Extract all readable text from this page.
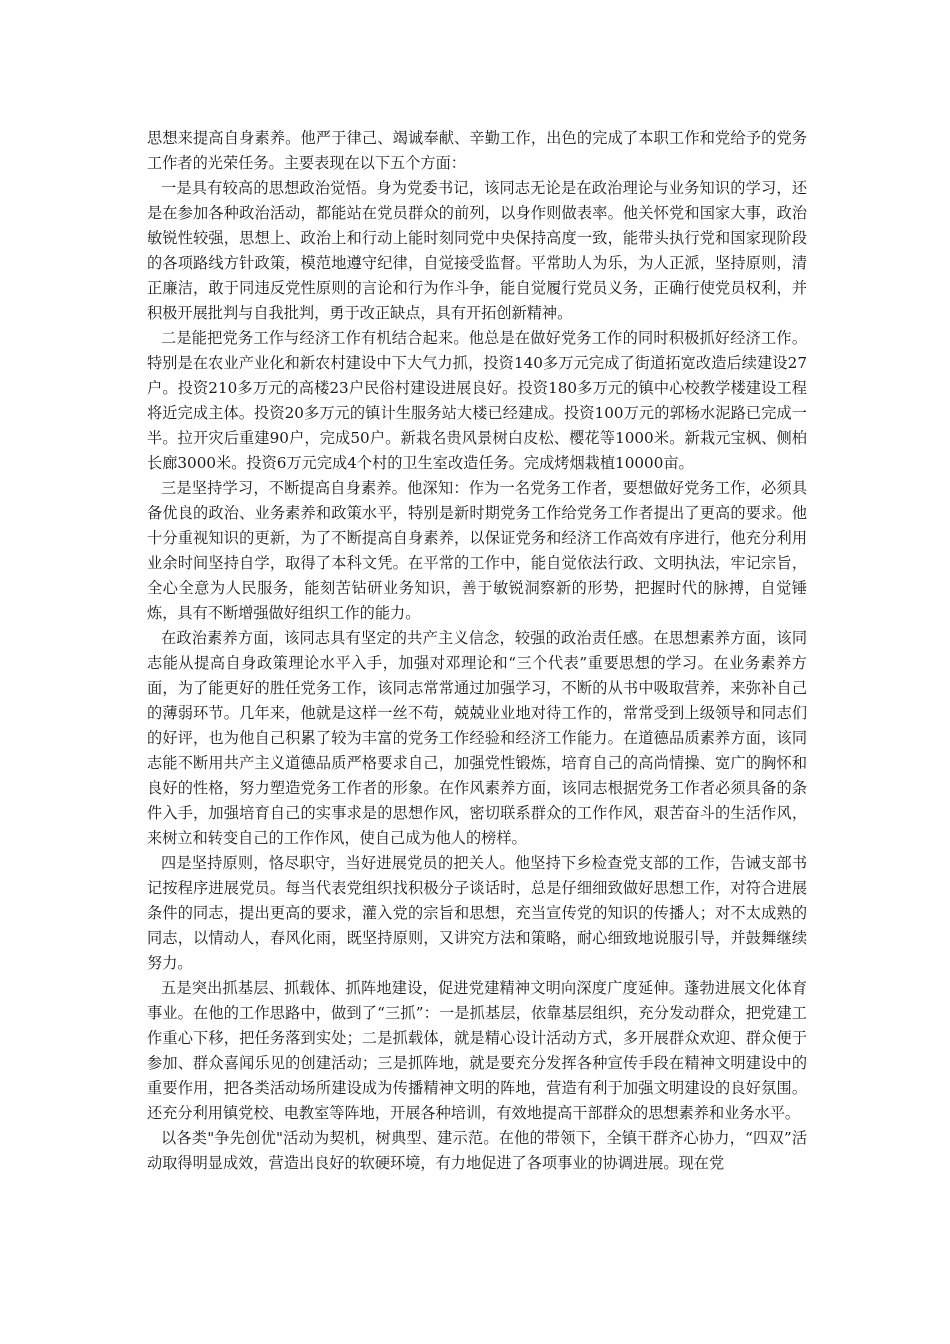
思想来提高自身素养。他严于律己、竭诚奉献、辛勤工作，出色的完成了本职工作和党给予的党务工作者的光荣任务。主要表现在以下五个方面：

一是具有较高的思想政治觉悟。身为党委书记，该同志无论是在政治理论与业务知识的学习，还是在参加各种政治活动，都能站在党员群众的前列，以身作则做表率。他关怀党和国家大事，政治敏锐性较强，思想上、政治上和行动上能时刻同党中央保持高度一致，能带头执行党和国家现阶段的各项路线方针政策，模范地遵守纪律，自觉接受监督。平常助人为乐，为人正派，坚持原则，清正廉洁，敢于同违反党性原则的言论和行为作斗争，能自觉履行党员义务，正确行使党员权利，并积极开展批判与自我批判，勇于改正缺点，具有开拓创新精神。

二是能把党务工作与经济工作有机结合起来。他总是在做好党务工作的同时积极抓好经济工作。特别是在农业产业化和新农村建设中下大气力抓，投资140多万元完成了街道拓宽改造后续建设27户。投资210多万元的高楼23户民俗村建设进展良好。投资180多万元的镇中心校教学楼建设工程将近完成主体。投资20多万元的镇计生服务站大楼已经建成。投资100万元的郭杨水泥路已完成一半。拉开灾后重建90户，完成50户。新栽名贵风景树白皮松、樱花等1000米。新栽元宝枫、侧柏长廊3000米。投资6万元完成4个村的卫生室改造任务。完成烤烟栽植10000亩。

三是坚持学习，不断提高自身素养。他深知：作为一名党务工作者，要想做好党务工作，必须具备优良的政治、业务素养和政策水平，特别是新时期党务工作给党务工作者提出了更高的要求。他十分重视知识的更新，为了不断提高自身素养，以保证党务和经济工作高效有序进行，他充分利用业余时间坚持自学，取得了本科文凭。在平常的工作中，能自觉依法行政、文明执法，牢记宗旨，全心全意为人民服务，能刻苦钻研业务知识，善于敏锐洞察新的形势，把握时代的脉搏，自觉锤炼，具有不断增强做好组织工作的能力。

在政治素养方面，该同志具有坚定的共产主义信念，较强的政治责任感。在思想素养方面，该同志能从提高自身政策理论水平入手，加强对邓理论和“三个代表”重要思想的学习。在业务素养方面，为了能更好的胜任党务工作，该同志常常通过加强学习，不断的从书中吸取营养，来弥补自己的薄弱环节。几年来，他就是这样一丝不苟，兢兢业业地对待工作的，常常受到上级领导和同志们的好评，也为他自己积累了较为丰富的党务工作经验和经济工作能力。在道德品质素养方面，该同志能不断用共产主义道德品质严格要求自己，加强党性锻炼，培育自己的高尚情操、宽广的胸怀和良好的性格，努力塑造党务工作者的形象。在作风素养方面，该同志根据党务工作者必须具备的条件入手，加强培育自己的实事求是的思想作风，密切联系群众的工作作风，艰苦奋斗的生活作风，来树立和转变自己的工作作风，使自己成为他人的榜样。

四是坚持原则，恪尽职守，当好进展党员的把关人。他坚持下乡检查党支部的工作，告诫支部书记按程序进展党员。每当代表党组织找积极分子谈话时，总是仔细细致做好思想工作，对符合进展条件的同志，提出更高的要求，灌入党的宗旨和思想，充当宣传党的知识的传播人；对不太成熟的同志，以情动人，春风化雨，既坚持原则，又讲究方法和策略，耐心细致地说服引导，并鼓舞继续努力。

五是突出抓基层、抓载体、抓阵地建设，促进党建精神文明向深度广度延伸。蓬勃进展文化体育事业。在他的工作思路中，做到了“三抓”：一是抓基层，依靠基层组织，充分发动群众，把党建工作重心下移，把任务落到实处；二是抓载体，就是精心设计活动方式，多开展群众欢迎、群众便于参加、群众喜闻乐见的创建活动；三是抓阵地，就是要充分发挥各种宣传手段在精神文明建设中的重要作用，把各类活动场所建设成为传播精神文明的阵地，营造有利于加强文明建设的良好氛围。还充分利用镇党校、电教室等阵地，开展各种培训，有效地提高干部群众的思想素养和业务水平。

以各类"争先创优"活动为契机，树典型、建示范。在他的带领下，全镇干群齐心协力，“四双”活动取得明显成效，营造出良好的软硬环境，有力地促进了各项事业的协调进展。现在党
